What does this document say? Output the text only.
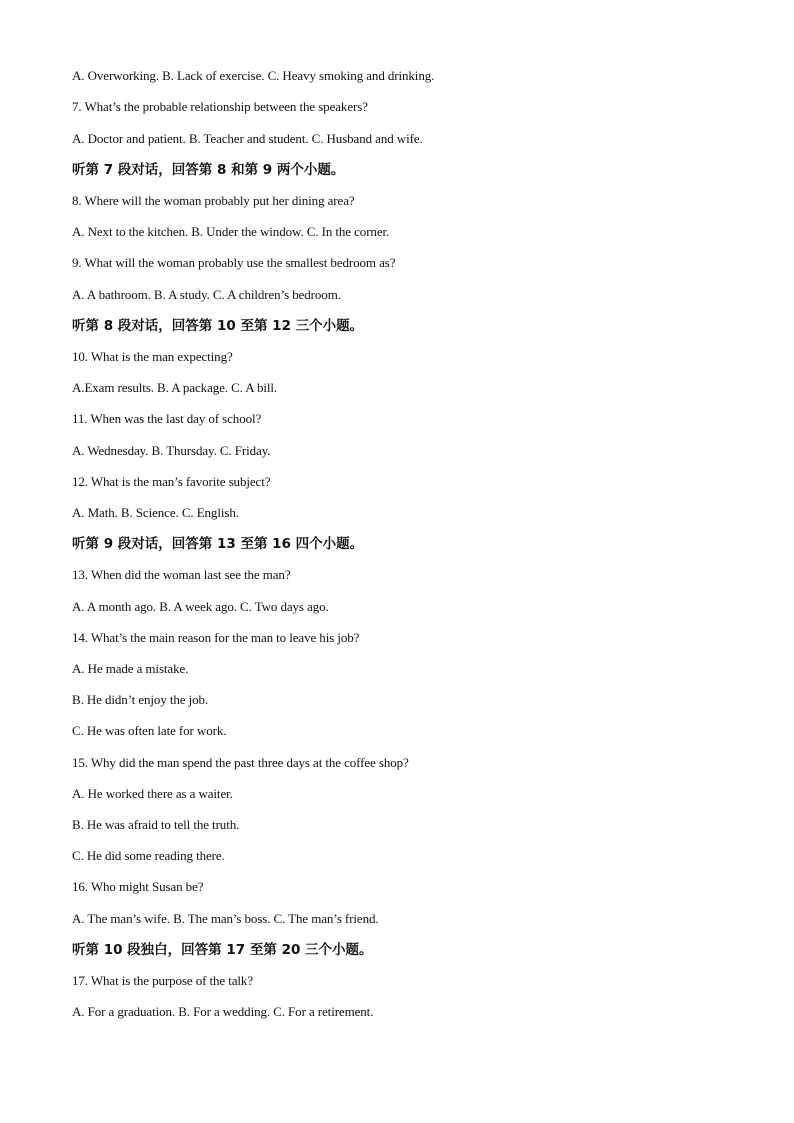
A. Overworking. B. Lack of exercise. C. Heavy smoking and drinking.
7. What’s the probable relationship between the speakers?
A. Doctor and patient. B. Teacher and student. C. Husband and wife.
听第 7 段对话，回答第 8 和第 9 两个小题。
8. Where will the woman probably put her dining area?
A. Next to the kitchen. B. Under the window. C. In the corner.
9. What will the woman probably use the smallest bedroom as?
A. A bathroom. B. A study. C. A children’s bedroom.
听第 8 段对话，回答第 10 至第 12 三个小题。
10. What is the man expecting?
A.Exam results. B. A package. C. A bill.
11. When was the last day of school?
A. Wednesday. B. Thursday. C. Friday.
12. What is the man’s favorite subject?
A. Math. B. Science. C. English.
听第 9 段对话，回答第 13 至第 16 四个小题。
13. When did the woman last see the man?
A. A month ago. B. A week ago. C. Two days ago.
14. What’s the main reason for the man to leave his job?
A. He made a mistake.
B. He didn’t enjoy the job.
C. He was often late for work.
15. Why did the man spend the past three days at the coffee shop?
A. He worked there as a waiter.
B. He was afraid to tell the truth.
C. He did some reading there.
16. Who might Susan be?
A. The man’s wife. B. The man’s boss. C. The man’s friend.
听第 10 段独白，回答第 17 至第 20 三个小题。
17. What is the purpose of the talk?
A. For a graduation. B. For a wedding. C. For a retirement.
